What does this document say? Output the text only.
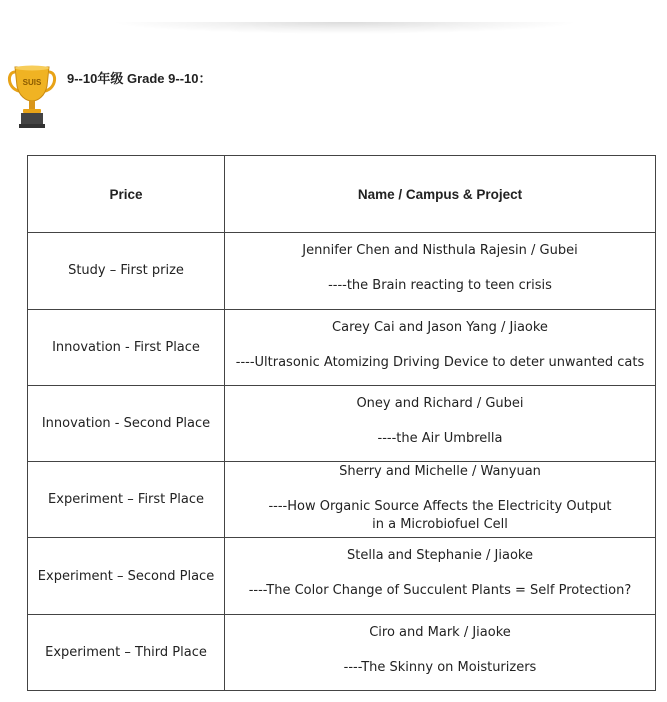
SUIS 9--10年级 Grade 9--10：
Price	Name / Campus & Project
Study – First prize	Jennifer Chen and Nisthula Rajesin / Gubei
----the Brain reacting to teen crisis

Innovation - First Place	Carey Cai and Jason Yang / Jiaoke
----Ultrasonic Atomizing Driving Device to deter unwanted cats

Innovation - Second Place	Oney and Richard / Gubei
----the Air Umbrella

Experiment – First Place	Sherry and Michelle / Wanyuan
----How Organic Source Affects the Electricity Output
in a Microbiofuel Cell

Experiment – Second Place	Stella and Stephanie / Jiaoke
----The Color Change of Succulent Plants = Self Protection?

Experiment – Third Place	Ciro and Mark / Jiaoke
----The Skinny on Moisturizers
